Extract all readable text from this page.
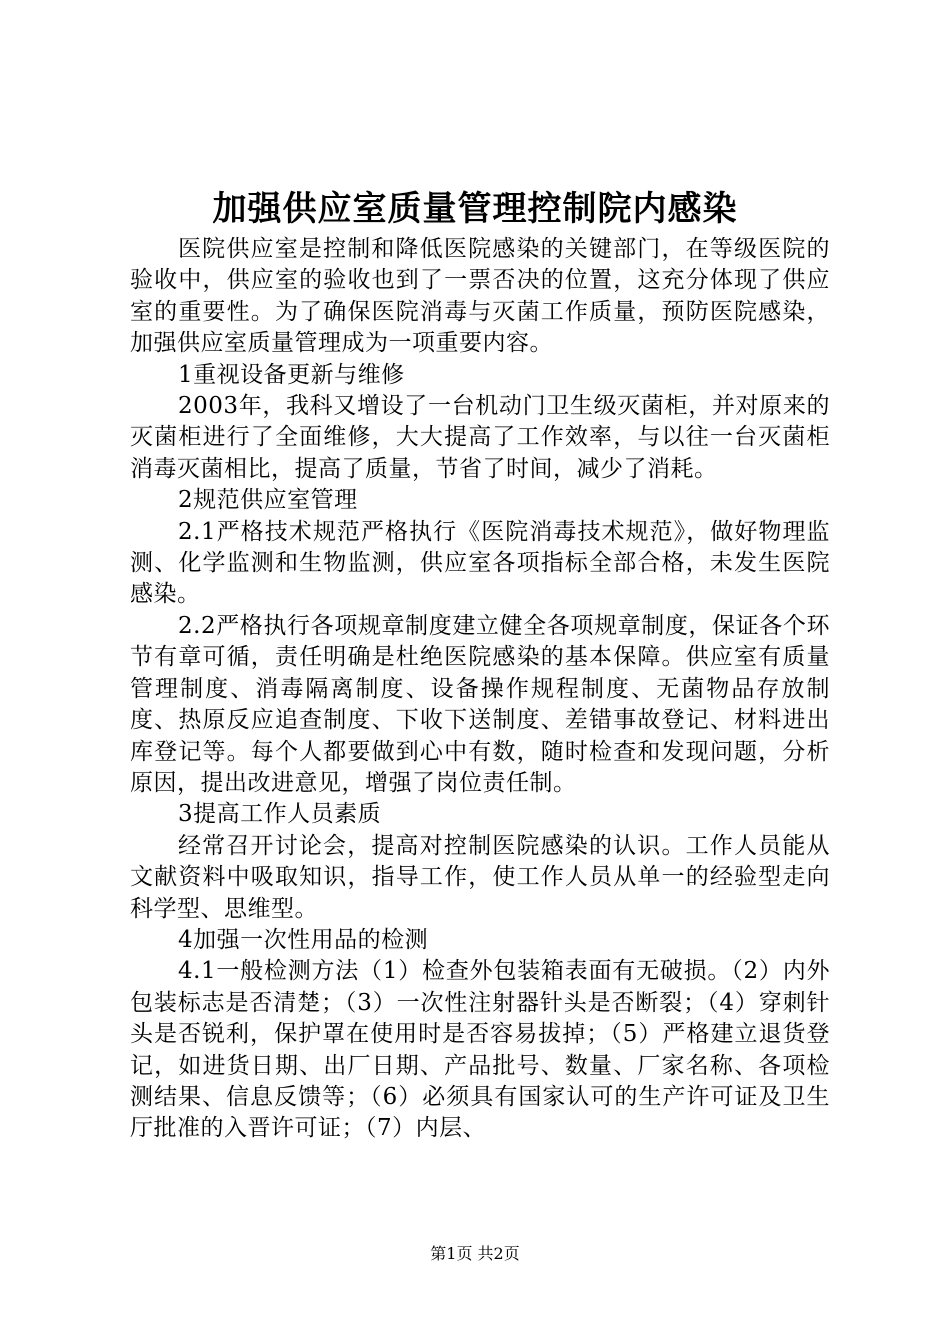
加强供应室质量管理控制院内感染

医院供应室是控制和降低医院感染的关键部门，在等级医院的验收中，供应室的验收也到了一票否决的位置，这充分体现了供应室的重要性。为了确保医院消毒与灭菌工作质量，预防医院感染，加强供应室质量管理成为一项重要内容。

1重视设备更新与维修

2003年，我科又增设了一台机动门卫生级灭菌柜，并对原来的灭菌柜进行了全面维修，大大提高了工作效率，与以往一台灭菌柜消毒灭菌相比，提高了质量，节省了时间，减少了消耗。

2规范供应室管理

2.1严格技术规范严格执行《医院消毒技术规范》，做好物理监测、化学监测和生物监测，供应室各项指标全部合格，未发生医院感染。

2.2严格执行各项规章制度建立健全各项规章制度，保证各个环节有章可循，责任明确是杜绝医院感染的基本保障。供应室有质量管理制度、消毒隔离制度、设备操作规程制度、无菌物品存放制度、热原反应追查制度、下收下送制度、差错事故登记、材料进出库登记等。每个人都要做到心中有数，随时检查和发现问题，分析原因，提出改进意见，增强了岗位责任制。

3提高工作人员素质

经常召开讨论会，提高对控制医院感染的认识。工作人员能从文献资料中吸取知识，指导工作，使工作人员从单一的经验型走向科学型、思维型。

4加强一次性用品的检测

4.1一般检测方法（1）检查外包装箱表面有无破损。（2）内外包装标志是否清楚；（3）一次性注射器针头是否断裂；（4）穿刺针头是否锐利，保护罩在使用时是否容易拔掉；（5）严格建立退货登记，如进货日期、出厂日期、产品批号、数量、厂家名称、各项检测结果、信息反馈等；（6）必须具有国家认可的生产许可证及卫生厅批准的入晋许可证；（7）内层、

第1页 共2页
